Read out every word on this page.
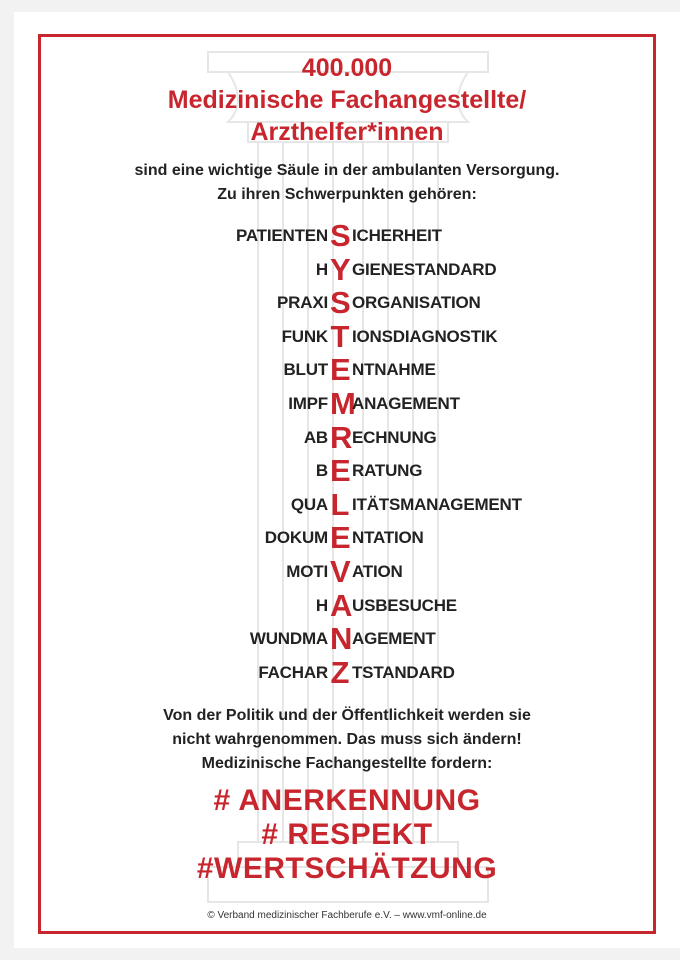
400.000
Medizinische Fachangestellte/
Arzthelfer*innen
sind eine wichtige Säule in der ambulanten Versorgung.
Zu ihren Schwerpunkten gehören:
PATIENTEN S ICHERHEIT
H Y GIENESTANDARD
PRAXI S ORGANISATION
FUNK T IONSDIAGNOSTIK
BLUT E NTNAHME
IMPF M
ANAGEMENT
AB R ECHNUNG
B E RATUNG
QUA L ITÄTSMANAGEMENT
DOKUM E NTATION
MOTI V ATION
H A USBESUCHE
WUNDMA N AGEMENT
FACHAR Z TSTANDARD
Von der Politik und der Öffentlichkeit werden sie
nicht wahrgenommen. Das muss sich ändern!
Medizinische Fachangestellte fordern:
# ANERKENNUNG
# RESPEKT
#WERTSCHÄTZUNG
© Verband medizinischer Fachberufe e.V. – www.vmf-online.de
